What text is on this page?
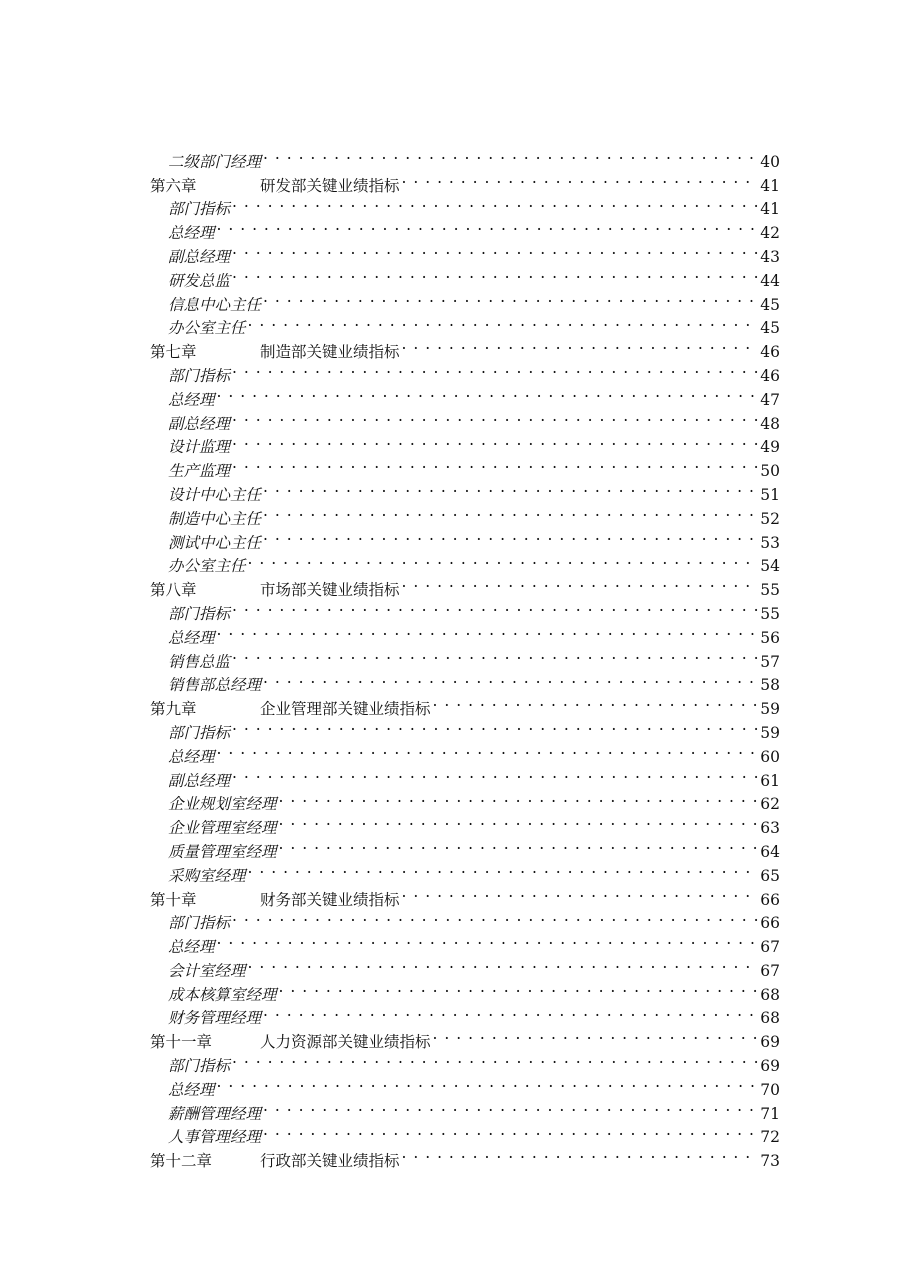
二级部门经理 . . .	40
第六章	研发部关键业绩指标 . . .	41
部门指标 . . .	41
总经理 . . .	42
副总经理 . . .	43
研发总监 . . .	44
信息中心主任 . . .	45
办公室主任 . . .	45
第七章	制造部关键业绩指标 . . .	46
部门指标 . . .	46
总经理 . . .	47
副总经理 . . .	48
设计监理 . . .	49
生产监理 . . .	50
设计中心主任 . . .	51
制造中心主任 . . .	52
测试中心主任 . . .	53
办公室主任 . . .	54
第八章	市场部关键业绩指标 . . .	55
部门指标 . . .	55
总经理 . . .	56
销售总监 . . .	57
销售部总经理 . . .	58
第九章	企业管理部关键业绩指标 . . .	59
部门指标 . . .	59
总经理 . . .	60
副总经理 . . .	61
企业规划室经理 . . .	62
企业管理室经理 . . .	63
质量管理室经理 . . .	64
采购室经理 . . .	65
第十章	财务部关键业绩指标 . . .	66
部门指标 . . .	66
总经理 . . .	67
会计室经理 . . .	67
成本核算室经理 . . .	68
财务管理经理 . . .	68
第十一章	人力资源部关键业绩指标 . . .	69
部门指标 . . .	69
总经理 . . .	70
薪酬管理经理 . . .	71
人事管理经理 . . .	72
第十二章	行政部关键业绩指标 . . .	73
